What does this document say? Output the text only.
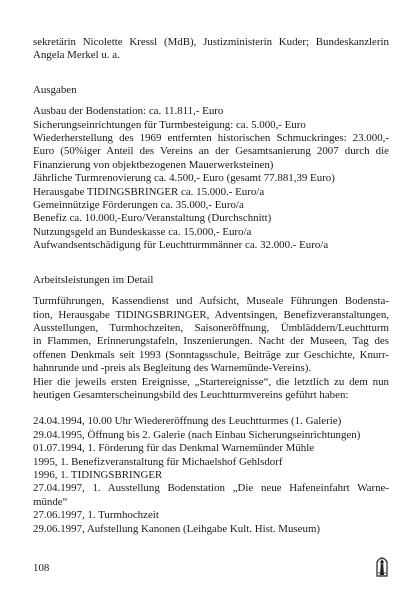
sekretärin Nicolette Kressl (MdB), Justizministerin Kuder; Bundeskanzlerin
Angela Merkel u. a.
Ausgaben
Ausbau der Bodenstation: ca. 11.811,- Euro
Sicherungseinrichtungen für Turmbesteigung: ca. 5.000,- Euro
Wiederherstellung des 1969 entfernten historischen Schmuckringes: 23.000,-
Euro (50%iger Anteil des Vereins an der Gesamtsanierung 2007 durch die
Finanzierung von objektbezogenen Mauerwerksteinen)
Jährliche Turmrenovierung ca. 4.500,- Euro (gesamt 77.881,39 Euro)
Herausgabe TIDINGSBRINGER ca. 15.000.- Euro/a
Gemeinnützige Förderungen ca. 35.000,- Euro/a
Benefiz ca. 10.000,-Euro/Veranstaltung (Durchschnitt)
Nutzungsgeld an Bundeskasse ca. 15.000,- Euro/a
Aufwandsentschädigung für Leuchtturmmänner ca. 32.000.- Euro/a
Arbeitsleistungen im Detail
Turmführungen, Kassendienst und Aufsicht, Museale Führungen Bodensta-
tion, Herausgabe TIDINGSBRINGER, Adventsingen, Benefizveranstaltungen,
Ausstellungen, Turmhochzeiten, Saisoneröffnung, Ümbläddern/Leuchtturm
in Flammen, Erinnerungstafeln, Inszenierungen. Nacht der Museen, Tag des
offenen Denkmals seit 1993 (Sonntagsschule, Beiträge zur Geschichte, Knurr-
hahnrunde und -preis als Begleitung des Warnemünde-Vereins).
Hier die jeweils ersten Ereignisse, „Startereignisse“, die letztlich zu dem nun
heutigen Gesamterscheinungsbild des Leuchtturmvereins geführt haben:
24.04.1994, 10.00 Uhr Wiedereröffnung des Leuchtturmes (1. Galerie)
29.04.1995, Öffnung bis 2. Galerie (nach Einbau Sicherungseinrichtungen)
01.07.1994, 1. Förderung für das Denkmal Warnemünder Mühle
1995, 1. Benefizveranstaltung für Michaelshof Gehlsdorf
1996, 1. TIDINGSBRINGER
27.04.1997, 1. Ausstellung Bodenstation „Die neue Hafeneinfahrt Warne-
münde“
27.06.1997, 1. Turmhochzeit
29.06.1997, Aufstellung Kanonen (Leihgabe Kult. Hist. Museum)
108
